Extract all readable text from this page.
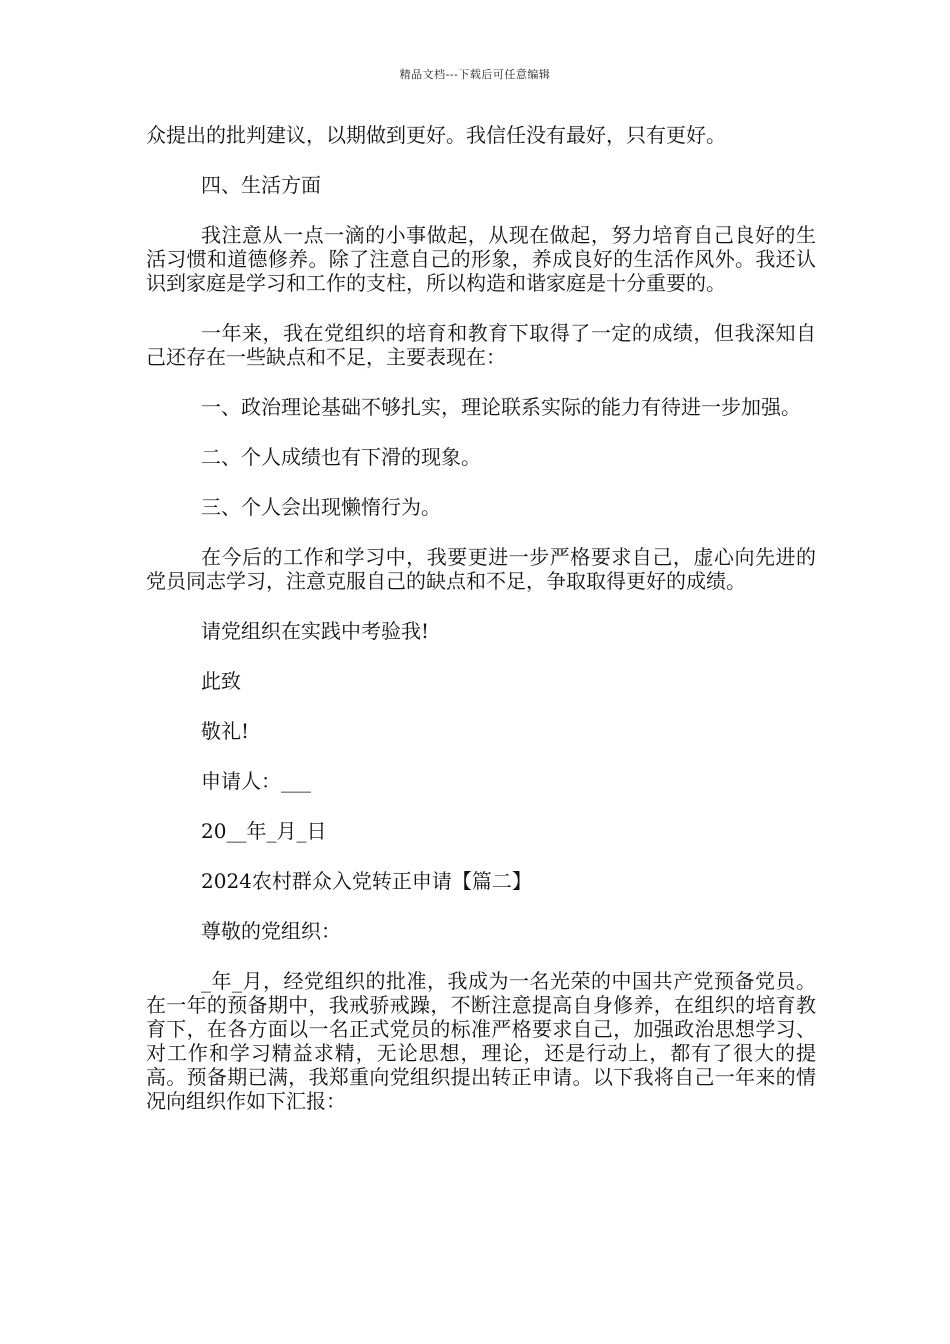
精品文档---下载后可任意编辑

众提出的批判建议，以期做到更好。我信任没有最好，只有更好。

四、生活方面

我注意从一点一滴的小事做起，从现在做起，努力培育自己良好的生活习惯和道德修养。除了注意自己的形象，养成良好的生活作风外。我还认识到家庭是学习和工作的支柱，所以构造和谐家庭是十分重要的。

一年来，我在党组织的培育和教育下取得了一定的成绩，但我深知自己还存在一些缺点和不足，主要表现在：

一、政治理论基础不够扎实，理论联系实际的能力有待进一步加强。

二、个人成绩也有下滑的现象。

三、个人会出现懒惰行为。

在今后的工作和学习中，我要更进一步严格要求自己，虚心向先进的党员同志学习，注意克服自己的缺点和不足，争取取得更好的成绩。

请党组织在实践中考验我!

此致

敬礼!

申请人：___

20__年_月_日

2024农村群众入党转正申请【篇二】

尊敬的党组织：

_年_月，经党组织的批准，我成为一名光荣的中国共产党预备党员。在一年的预备期中，我戒骄戒躁，不断注意提高自身修养，在组织的培育教育下，在各方面以一名正式党员的标准严格要求自己，加强政治思想学习、对工作和学习精益求精，无论思想，理论，还是行动上，都有了很大的提高。预备期已满，我郑重向党组织提出转正申请。以下我将自己一年来的情况向组织作如下汇报：
